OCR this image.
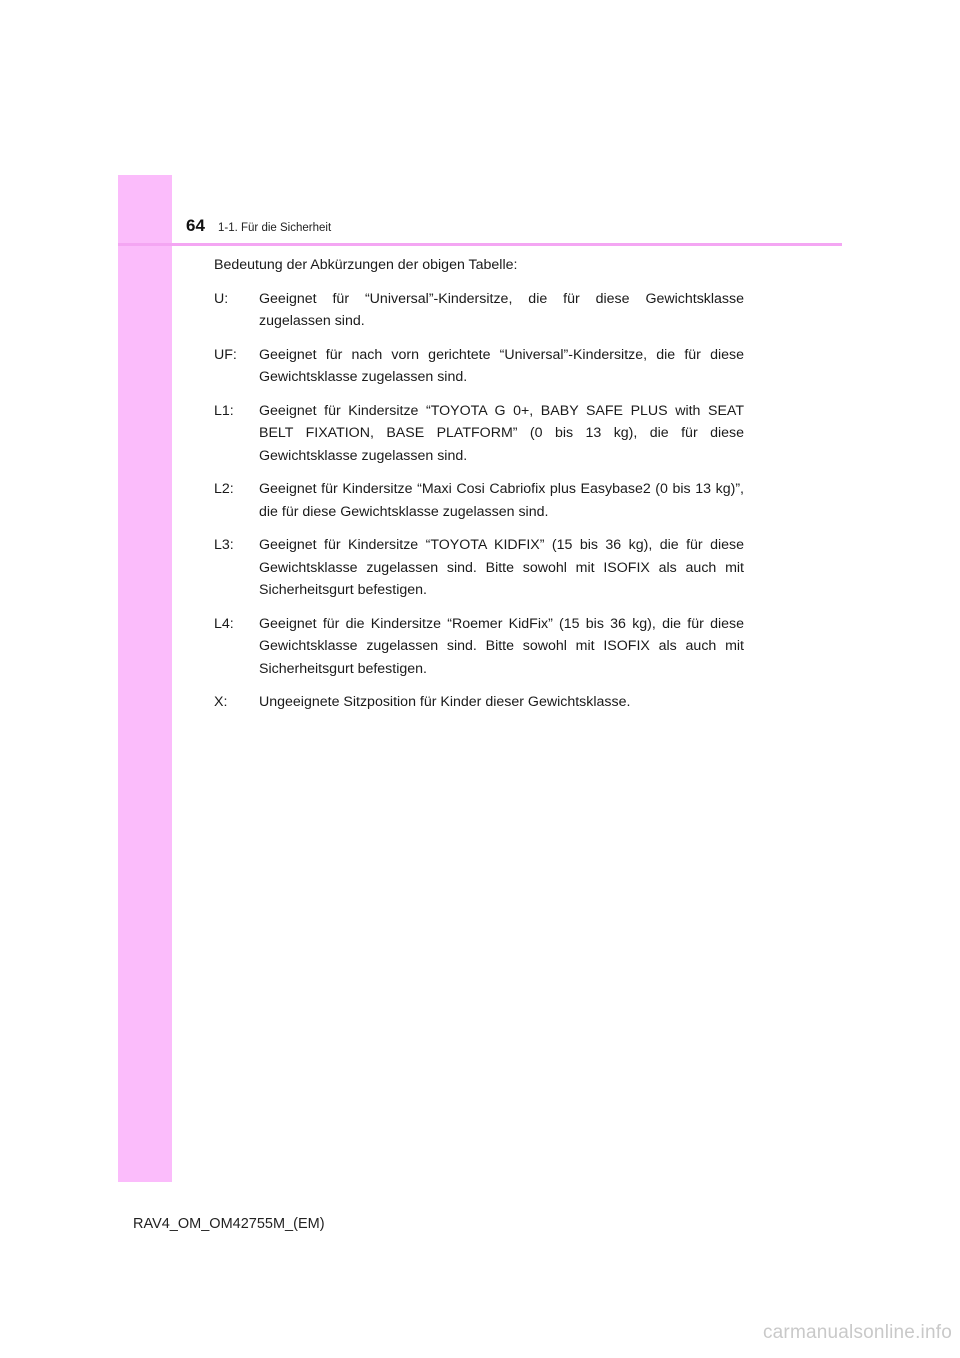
64 1-1. Für die Sicherheit

Bedeutung der Abkürzungen der obigen Tabelle:

U:	Geeignet für “Universal”-Kindersitze, die für diese Gewichtsklasse zugelassen sind.
UF:	Geeignet für nach vorn gerichtete “Universal”-Kindersitze, die für diese Gewichtsklasse zugelassen sind.
L1:	Geeignet für Kindersitze “TOYOTA G 0+, BABY SAFE PLUS with SEAT BELT FIXATION, BASE PLATFORM” (0 bis 13 kg), die für diese Gewichtsklasse zugelassen sind.
L2:	Geeignet für Kindersitze “Maxi Cosi Cabriofix plus Easybase2 (0 bis 13 kg)”, die für diese Gewichtsklasse zugelassen sind.
L3:	Geeignet für Kindersitze “TOYOTA KIDFIX” (15 bis 36 kg), die für diese Gewichtsklasse zugelassen sind. Bitte sowohl mit ISOFIX als auch mit Sicherheitsgurt befestigen.
L4:	Geeignet für die Kindersitze “Roemer KidFix” (15 bis 36 kg), die für diese Gewichtsklasse zugelassen sind. Bitte sowohl mit ISOFIX als auch mit Sicherheitsgurt befestigen.
X:	Ungeeignete Sitzposition für Kinder dieser Gewichtsklasse.
RAV4_OM_OM42755M_(EM)
carmanualsonline.info
